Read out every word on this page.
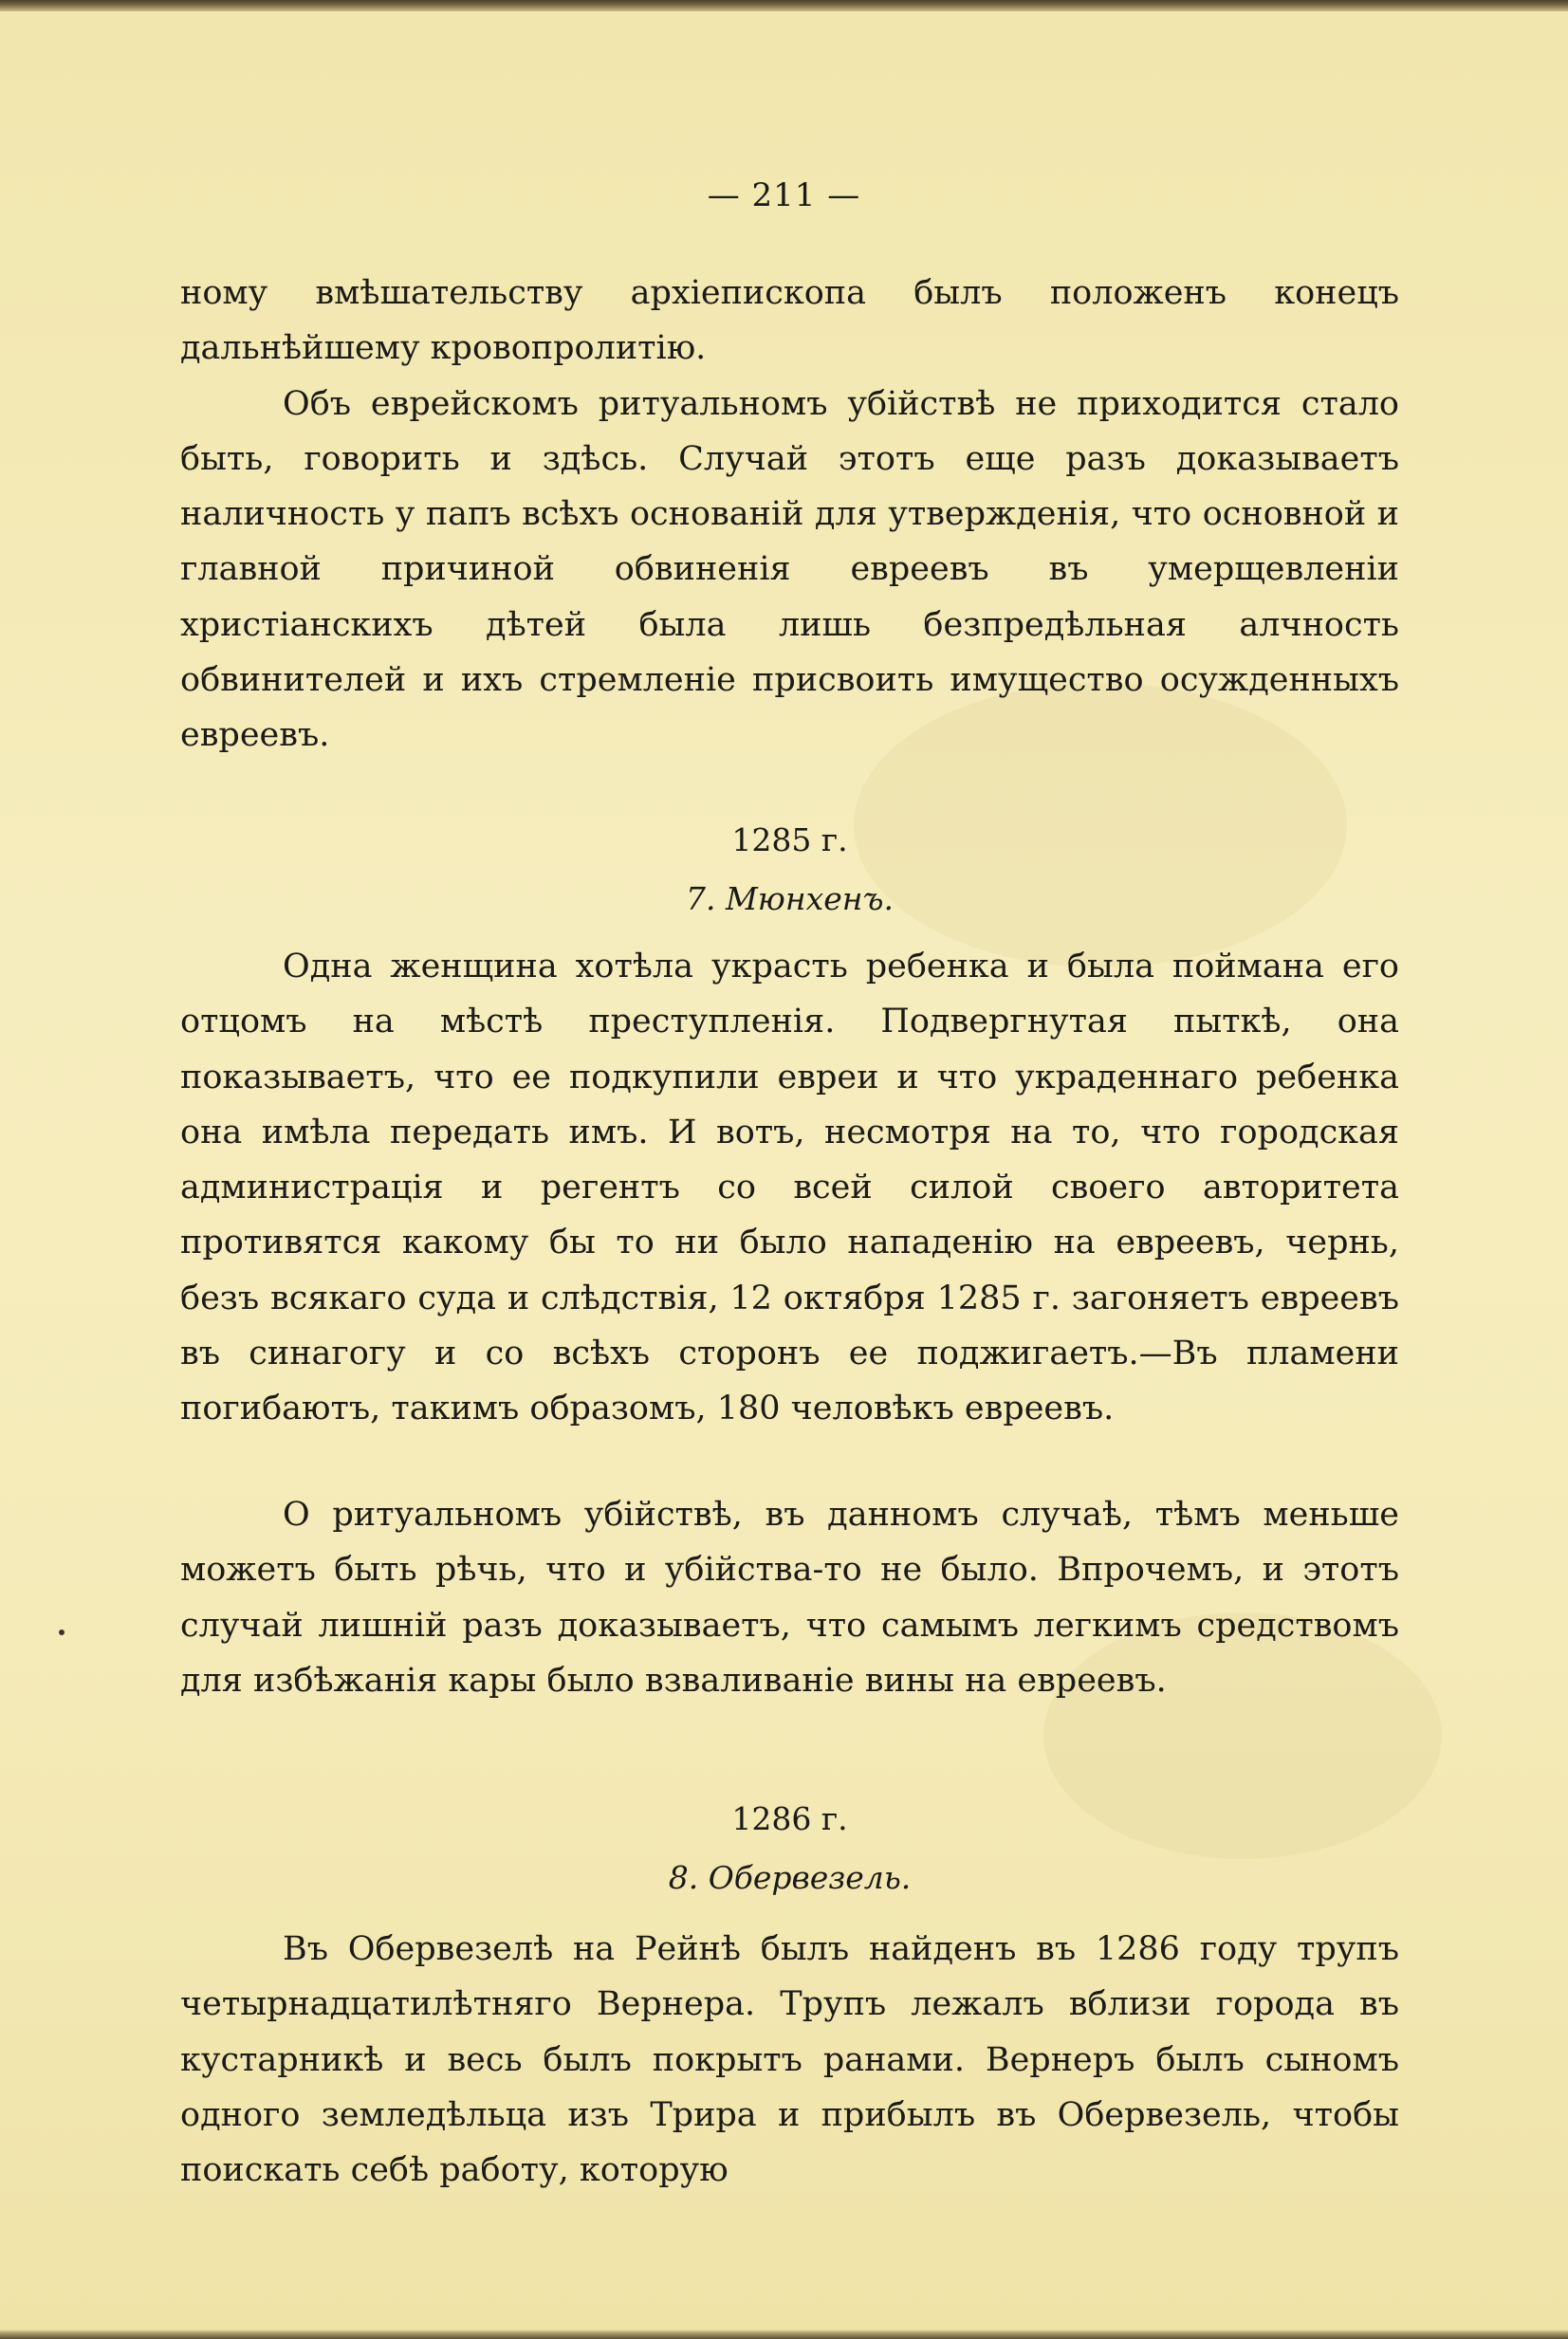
— 211 —

ному вмѣшательству архіепископа былъ положенъ конецъ дальнѣйшему кровопролитію.

Объ еврейскомъ ритуальномъ убійствѣ не приходится стало быть, говорить и здѣсь. Случай этотъ еще разъ доказываетъ наличность у папъ всѣхъ основаній для утвержденія, что основной и главной причиной обвиненія евреевъ въ умерщевленіи христіанскихъ дѣтей была лишь безпредѣльная алчность обвинителей и ихъ стремленіе присвоить имущество осужденныхъ евреевъ.

1285 г.
7. Мюнхенъ.

Одна женщина хотѣла украсть ребенка и была поймана его отцомъ на мѣстѣ преступленія. Подвергнутая пыткѣ, она показываетъ, что ее подкупили евреи и что украденнаго ребенка она имѣла передать имъ. И вотъ, несмотря на то, что городская администрація и регентъ со всей силой своего авторитета противятся какому бы то ни было нападенію на евреевъ, чернь, безъ всякаго суда и слѣдствія, 12 октября 1285 г. загоняетъ евреевъ въ синагогу и со всѣхъ сторонъ ее поджигаетъ.—Въ пламени погибаютъ, такимъ образомъ, 180 человѣкъ евреевъ.

О ритуальномъ убійствѣ, въ данномъ случаѣ, тѣмъ меньше можетъ быть рѣчь, что и убійства-то не было. Впрочемъ, и этотъ случай лишній разъ доказываетъ, что самымъ легкимъ средствомъ для избѣжанія кары было взваливаніе вины на евреевъ.

1286 г.
8. Обервезель.

Въ Обервезелѣ на Рейнѣ былъ найденъ въ 1286 году трупъ четырнадцатилѣтняго Вернера. Трупъ лежалъ вблизи города въ кустарникѣ и весь былъ покрытъ ранами. Вернеръ былъ сыномъ одного земледѣльца изъ Трира и прибылъ въ Обервезель, чтобы поискать себѣ работу, которую
